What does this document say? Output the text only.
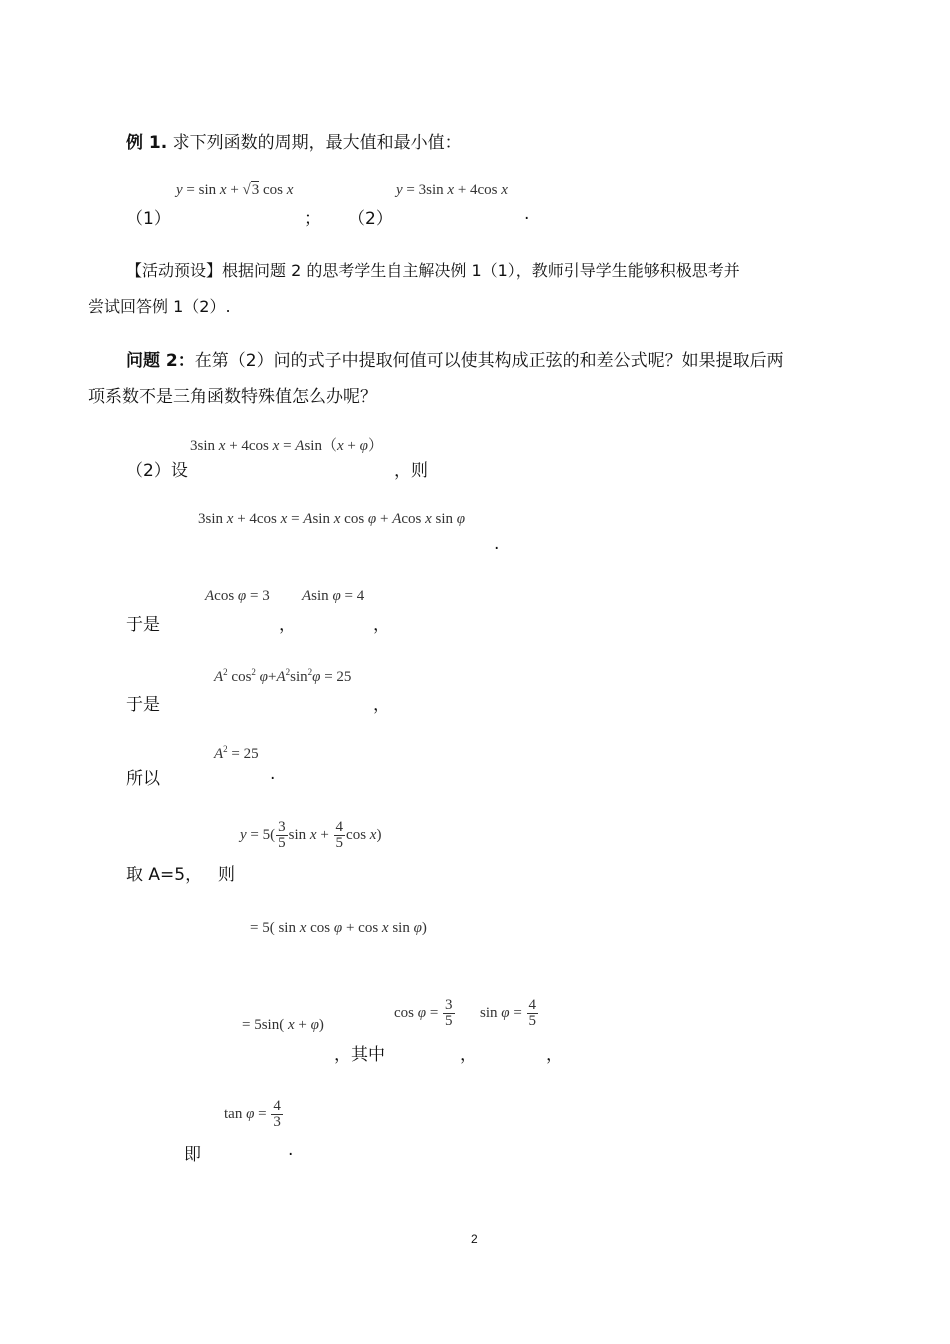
例 1. 求下列函数的周期，最大值和最小值：
（1）
y = sin x + √3 cos x
； （2）
y = 3sin x + 4cos x
.
【活动预设】根据问题 2 的思考学生自主解决例 1（1），教师引导学生能够积极思考并
尝试回答例 1（2）.
问题 2：在第（2）问的式子中提取何值可以使其构成正弦的和差公式呢？如果提取后两
项系数不是三角函数特殊值怎么办呢？
3sin x + 4cos x = Asin（x + φ）
（2）设	，则
3sin x + 4cos x = Asin x cos φ + Acos x sin φ
.
Acos φ = 3 Asin φ = 4
于是	，	，
$A^2$ $\cos^2 \varphi+A^2\sin^2\varphi = 25$
于是	，
$A^2 = 25$
所以	.
$y = 5( \frac{3}{5}$ $\sin x + \frac{4}{5}$ cos x)
取 A=5， 则
= 5( sin x cos φ + cos x sin φ)
= 5sin( x + φ)
$\cos \varphi = \frac{3}{5}$ $\sin \varphi = \frac{4}{5}$
，其中	，	，
$\tan \varphi = \frac{4}{3}$
即	.
2
